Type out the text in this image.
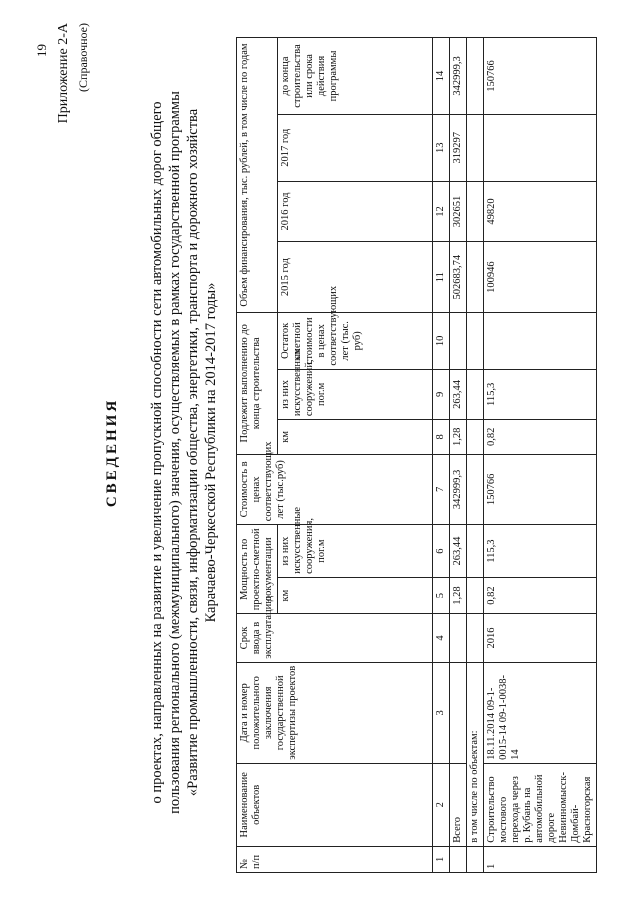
19 Приложение 2-А (Справочное)
СВЕДЕНИЯ о проектах, направленных на развитие и увеличение пропускной способности сети автомобильных дорог общего пользования регионального (межмуниципального) значения, осуществляемых в рамках государственной программы «Развитие промышленности, связи, информатизации общества, энергетики, транспорта и дорожного хозяйства Карачаево-Черкесской Республики на 2014-2017 годы»
№ п/п	Наименование объектов	Дата и номер положительного заключения государственной экспертизы проектов	Срок ввода в эксплуатацию	Мощность по проектно-сметной документации		Стоимость в ценах соответствующих лет (тыс.руб)	Подлежит выполнению до конца строительства			Объем финансирования, тыс. рублей, в том числе по годам			
				км	из них искусственные сооружения, пог.м		км	из них искусственных сооружений, пог.м	Остаток сметной стоимости в ценах соответствующих лет (тыс. руб)	2015 год	2016 год	2017 год	до конца строительства или срока действия программы
1	2	3	4	5	6	7	8	9	10	11	12	13	14
	Всего			1,28	263,44	342999,3	1,28	263,44		502683,74	302651	319297	342999,3
	в том числе по объектам:												
1	Строительство мостового перехода через р. Кубань на автомобильной дороге Невинномысск-Домбай-Красногорская	18.11.2014 09-1-0015-14 09-1-0038-14	2016	0,82	115,3	150766	0,82	115,3		100946	49820		150766
